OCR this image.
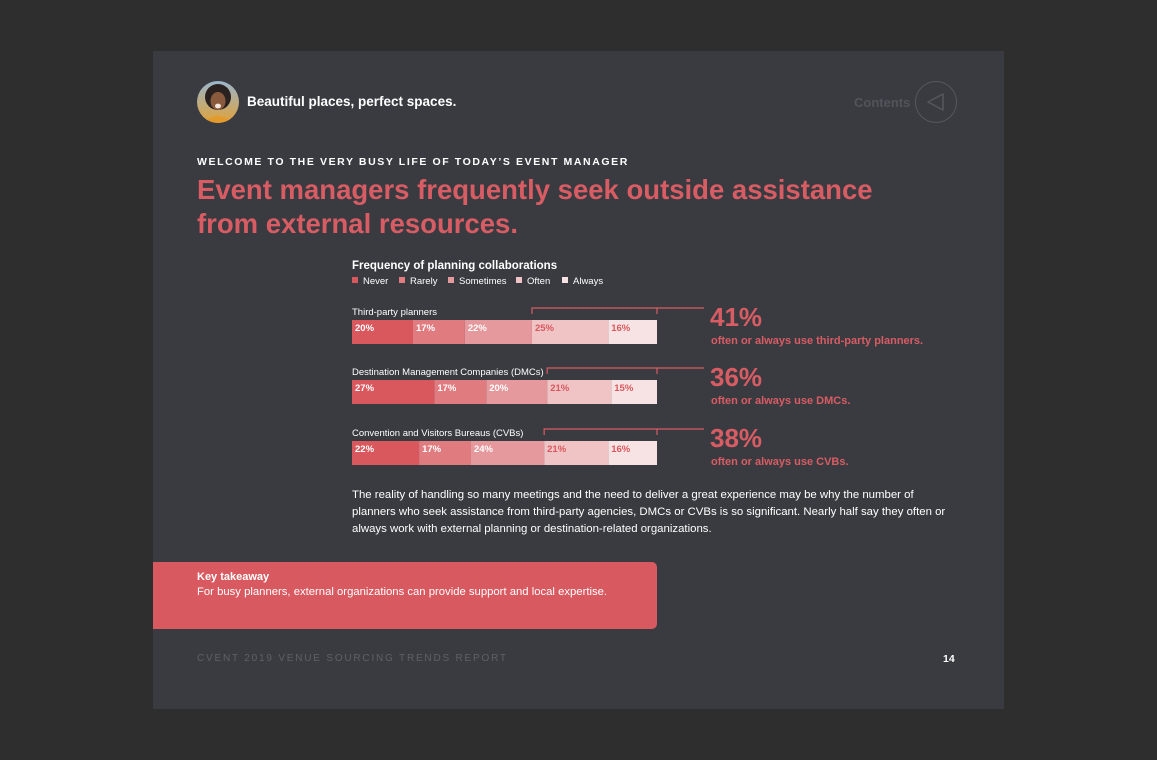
Beautiful places, perfect spaces.	Contents
WELCOME TO THE VERY BUSY LIFE OF TODAY’S EVENT MANAGER
Event managers frequently seek outside assistance
from external resources.
Frequency of planning collaborations
Never Rarely Sometimes Often Always
Third-party planners
20%	17%	22%	25%	16%	41%
often or always use third-party planners.
Destination Management Companies (DMCs)
27%	17%	20%	21%	15%	36%
often or always use DMCs.
Convention and Visitors Bureaus (CVBs)
22%	17%	24%	21%	16%	38%
often or always use CVBs.

The reality of handling so many meetings and the need to deliver a great experience may be why the number of planners who seek assistance from third-party agencies, DMCs or CVBs is so significant. Nearly half say they often or always work with external planning or destination-related organizations.

Key takeaway
For busy planners, external organizations can provide support and local expertise.
CVENT 2019 VENUE SOURCING TRENDS REPORT	14
